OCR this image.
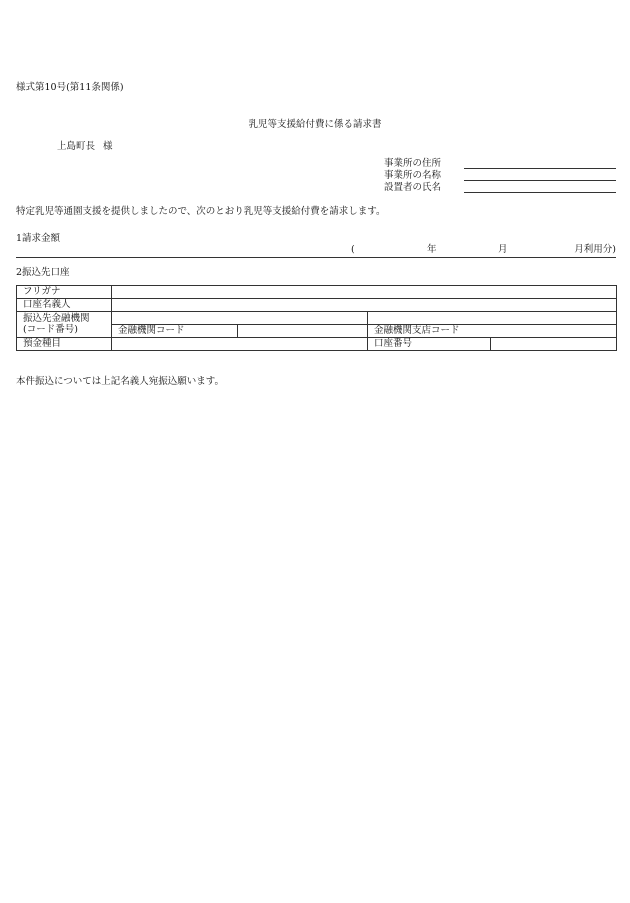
様式第10号(第11条関係)
乳児等支援給付費に係る請求書
上島町長 様
事業所の住所
事業所の名称
設置者の氏名
特定乳児等通園支援を提供しましたので、次のとおり乳児等支援給付費を請求します。
1請求金額
(	年	月	月利用分)
2振込先口座
フリガナ					
口座名義人					

振込先金融機関
(コード番号)					

	金融機関コード		金融機関支店コード		
預金種目			口座番号		
本件振込については上記名義人宛振込願います。
